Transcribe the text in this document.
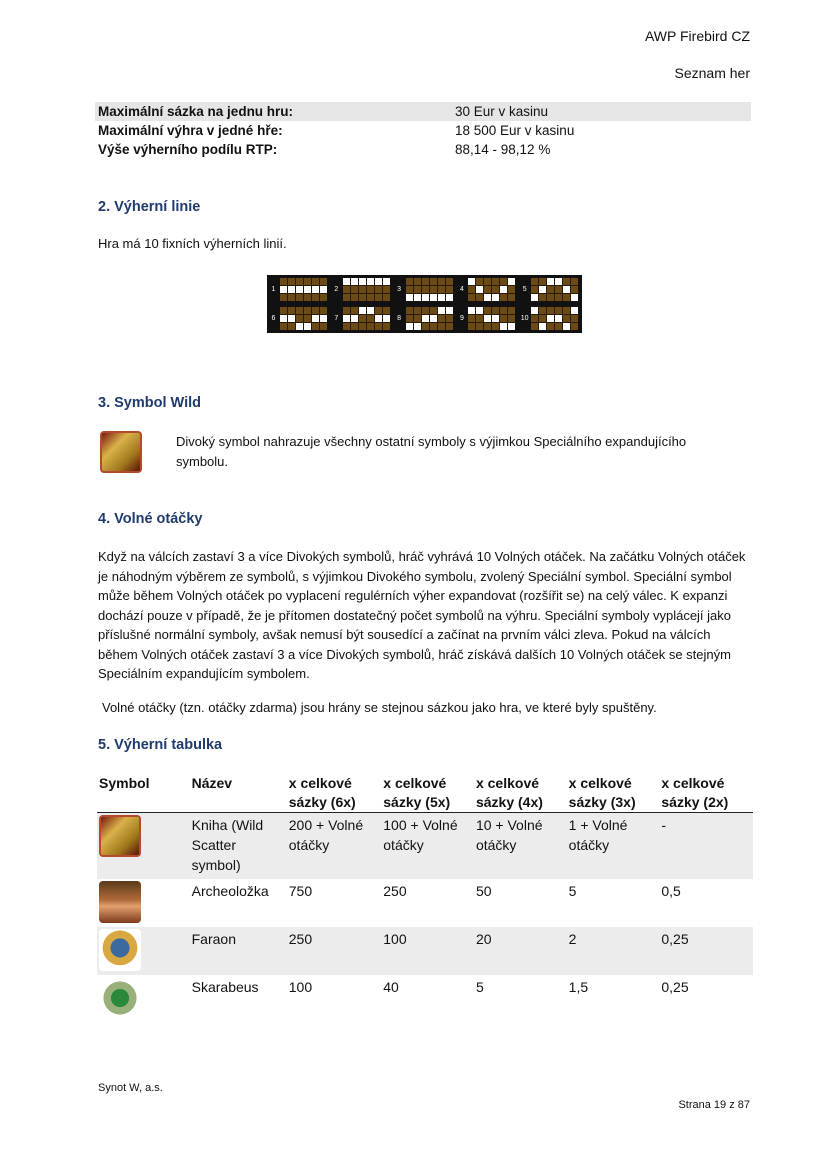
AWP Firebird CZ
Seznam her
Maximální sázka na jednu hru:	30 Eur v kasinu
Maximální výhra v jedné hře:	18 500 Eur v kasinu
Výše výherního podílu RTP:	88,14 - 98,12 %
2. Výherní linie
Hra má 10 fixních výherních linií.
1	2	3	4	5
6	7	8	9	10
3. Symbol Wild
Divoký symbol nahrazuje všechny ostatní symboly s výjimkou Speciálního expandujícího symbolu.
4. Volné otáčky
Když na válcích zastaví 3 a více Divokých symbolů, hráč vyhrává 10 Volných otáček. Na začátku Volných otáček je náhodným výběrem ze symbolů, s výjimkou Divokého symbolu, zvolený Speciální symbol. Speciální symbol může během Volných otáček po vyplacení regulérních výher expandovat (rozšířit se) na celý válec. K expanzi dochází pouze v případě, že je přítomen dostatečný počet symbolů na výhru. Speciální symboly vyplácejí jako příslušné normální symboly, avšak nemusí být sousedící a začínat na prvním válci zleva. Pokud na válcích během Volných otáček zastaví 3 a více Divokých symbolů, hráč získává dalších 10 Volných otáček se stejným Speciálním expandujícím symbolem.
Volné otáčky (tzn. otáčky zdarma) jsou hrány se stejnou sázkou jako hra, ve které byly spuštěny.
5. Výherní tabulka
Symbol	Název	x celkové sázky (6x)	x celkové sázky (5x)	x celkové sázky (4x)	x celkové sázky (3x)	x celkové sázky (2x)

	Kniha (Wild Scatter symbol)	200 + Volné otáčky	100 + Volné otáčky	10 + Volné otáčky	1 + Volné otáčky	-

	Archeoložka	750	250	50	5	0,5

	Faraon	250	100	20	2	0,25

	Skarabeus	100	40	5	1,5	0,25
Synot W, a.s.
Strana 19 z 87
